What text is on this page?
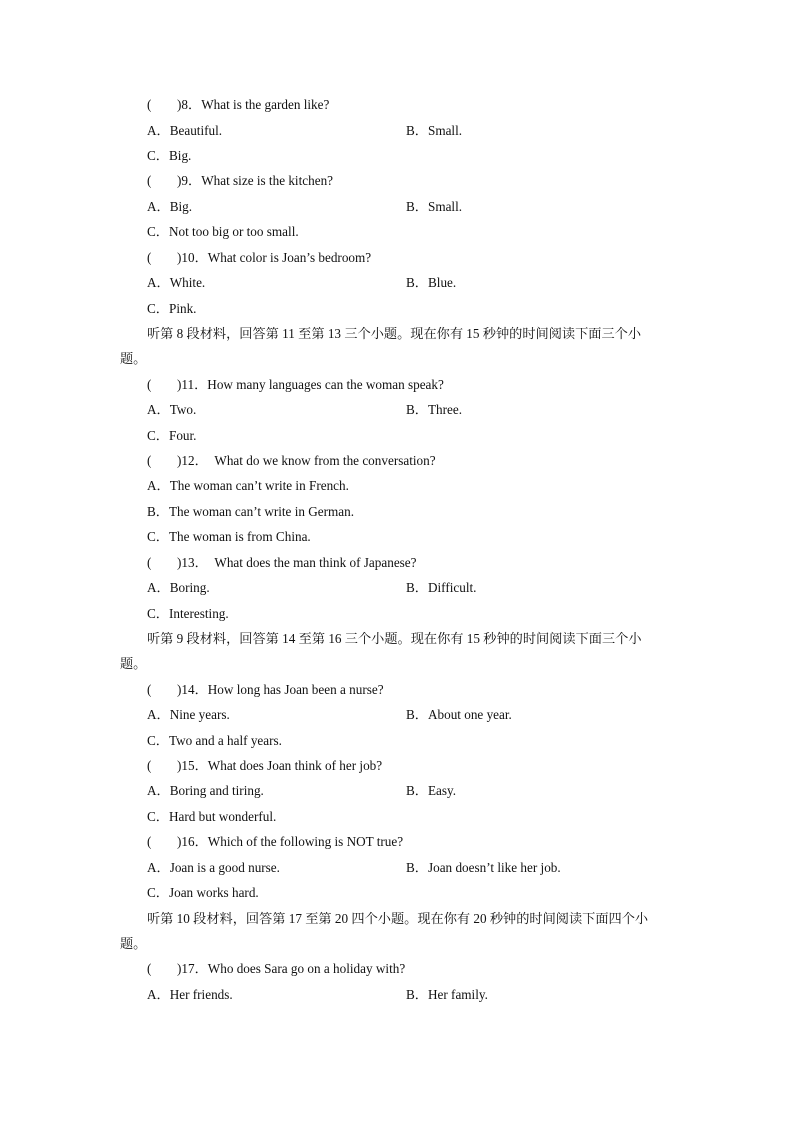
( )8．What is the garden like?
A．Beautiful.	B．Small.
C．Big.
( )9．What size is the kitchen?
A．Big.	B．Small.
C．Not too big or too small.
( )10．What color is Joan’s bedroom?
A．White.	B．Blue.
C．Pink.
听第 8 段材料，回答第 11 至第 13 三个小题。现在你有 15 秒钟的时间阅读下面三个小
题。
( )11．How many languages can the woman speak?
A．Two.	B．Three.
C．Four.
( )12．  What do we know from the conversation?
A．The woman can’t write in French.
B．The woman can’t write in German.
C．The woman is from China.
( )13．  What does the man think of Japanese?
A．Boring.	B．Difficult.
C．Interesting.
听第 9 段材料，回答第 14 至第 16 三个小题。现在你有 15 秒钟的时间阅读下面三个小
题。
( )14．How long has Joan been a nurse?
A．Nine years.	B．About one year.
C．Two and a half years.
( )15．What does Joan think of her job?
A．Boring and tiring.	B．Easy.
C．Hard but wonderful.
( )16．Which of the following is NOT true?
A．Joan is a good nurse.	B．Joan doesn’t like her job.
C．Joan works hard.
听第 10 段材料，回答第 17 至第 20 四个小题。现在你有 20 秒钟的时间阅读下面四个小
题。
( )17．Who does Sara go on a holiday with?
A．Her friends.	B．Her family.
